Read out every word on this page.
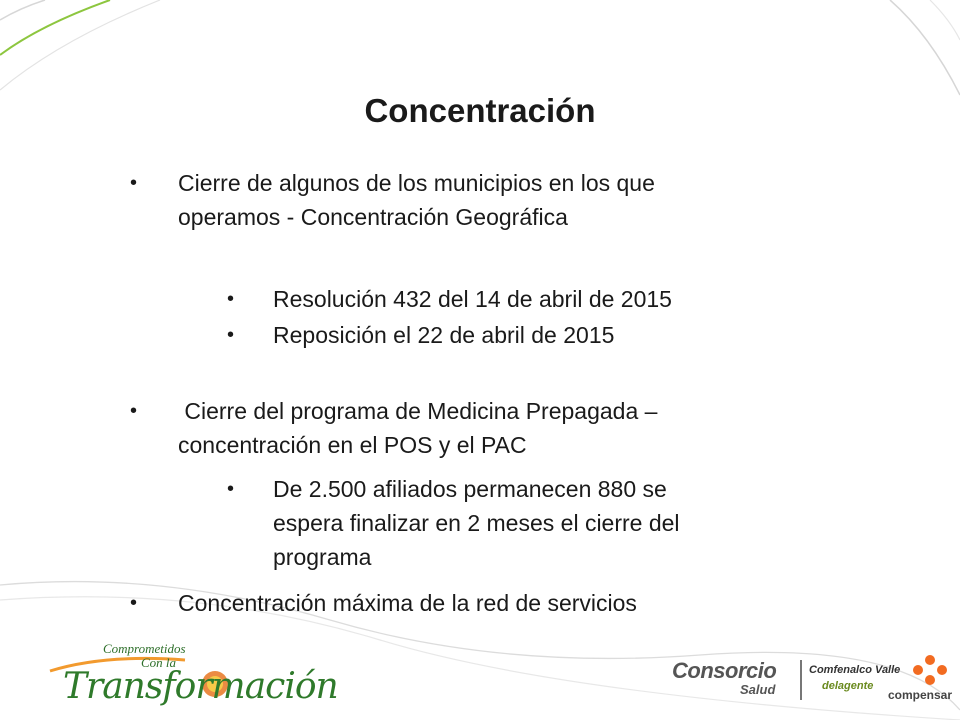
Concentración
• Cierre de algunos de los municipios en los que
operamos - Concentración Geográfica
• Resolución 432 del 14 de abril de 2015
• Reposición el 22 de abril de 2015
• Cierre del programa de Medicina Prepagada –
concentración en el POS y el PAC
• De 2.500 afiliados permanecen 880 se
espera finalizar en 2 meses el cierre del
programa
• Concentración máxima de la red de servicios
Comprometidos
Con la
Transformación	Consorcio
Salud
Comfenalco Valle
delagente
compensar
